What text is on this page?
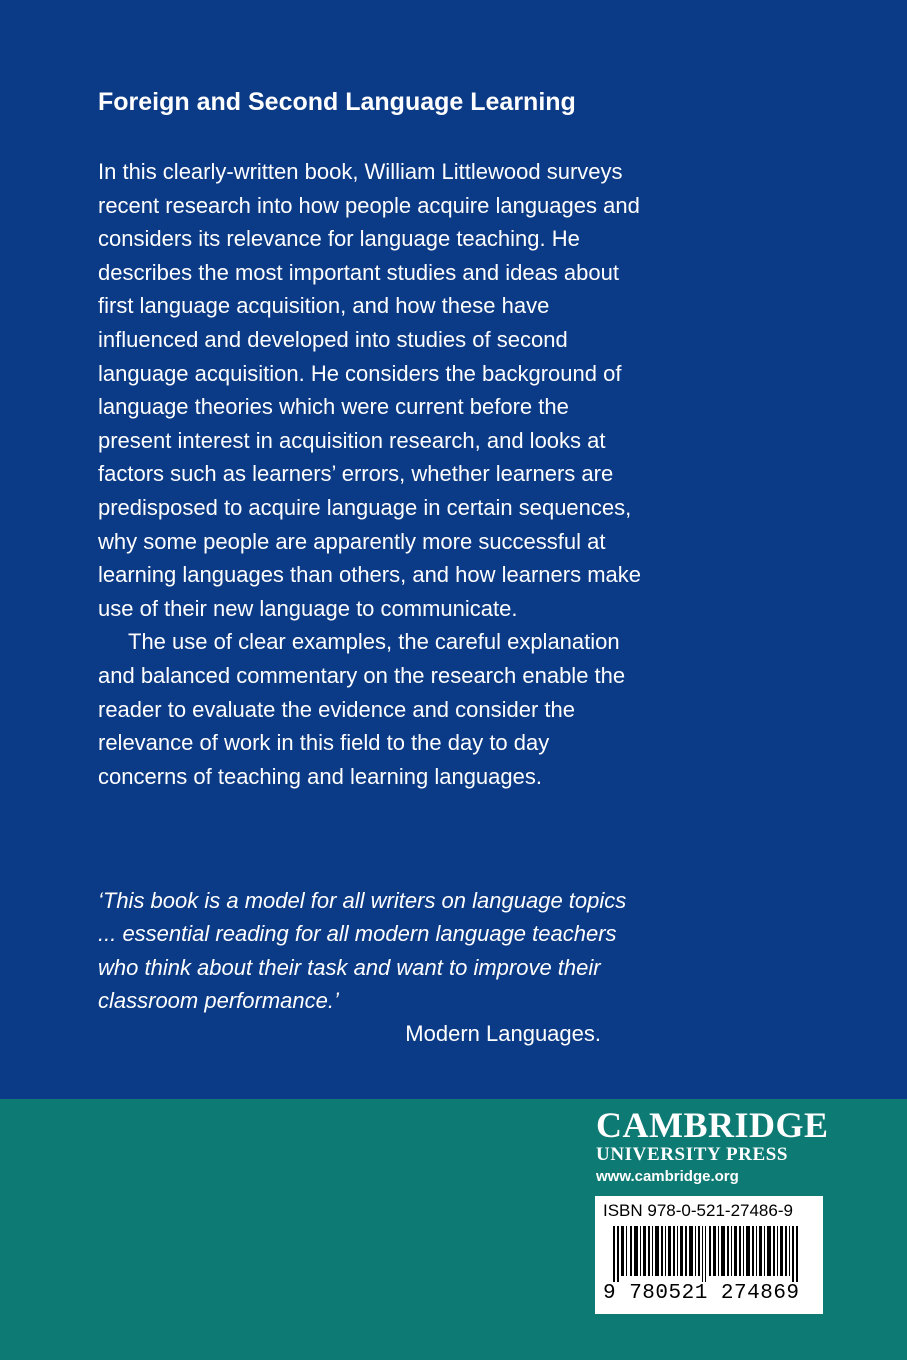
Foreign and Second Language Learning

In this clearly-written book, William Littlewood surveys recent research into how people acquire languages and considers its relevance for language teaching. He describes the most important studies and ideas about first language acquisition, and how these have influenced and developed into studies of second language acquisition. He considers the background of language theories which were current before the present interest in acquisition research, and looks at factors such as learners’ errors, whether learners are predisposed to acquire language in certain sequences, why some people are apparently more successful at learning languages than others, and how learners make use of their new language to communicate.

The use of clear examples, the careful explanation and balanced commentary on the research enable the reader to evaluate the evidence and consider the relevance of work in this field to the day to day concerns of teaching and learning languages.

‘This book is a model for all writers on language topics ... essential reading for all modern language teachers who think about their task and want to improve their classroom performance.’

Modern Languages.
CAMBRIDGE
UNIVERSITY PRESS
www.cambridge.org
ISBN 978-0-521-27486-9
9 780521 274869
